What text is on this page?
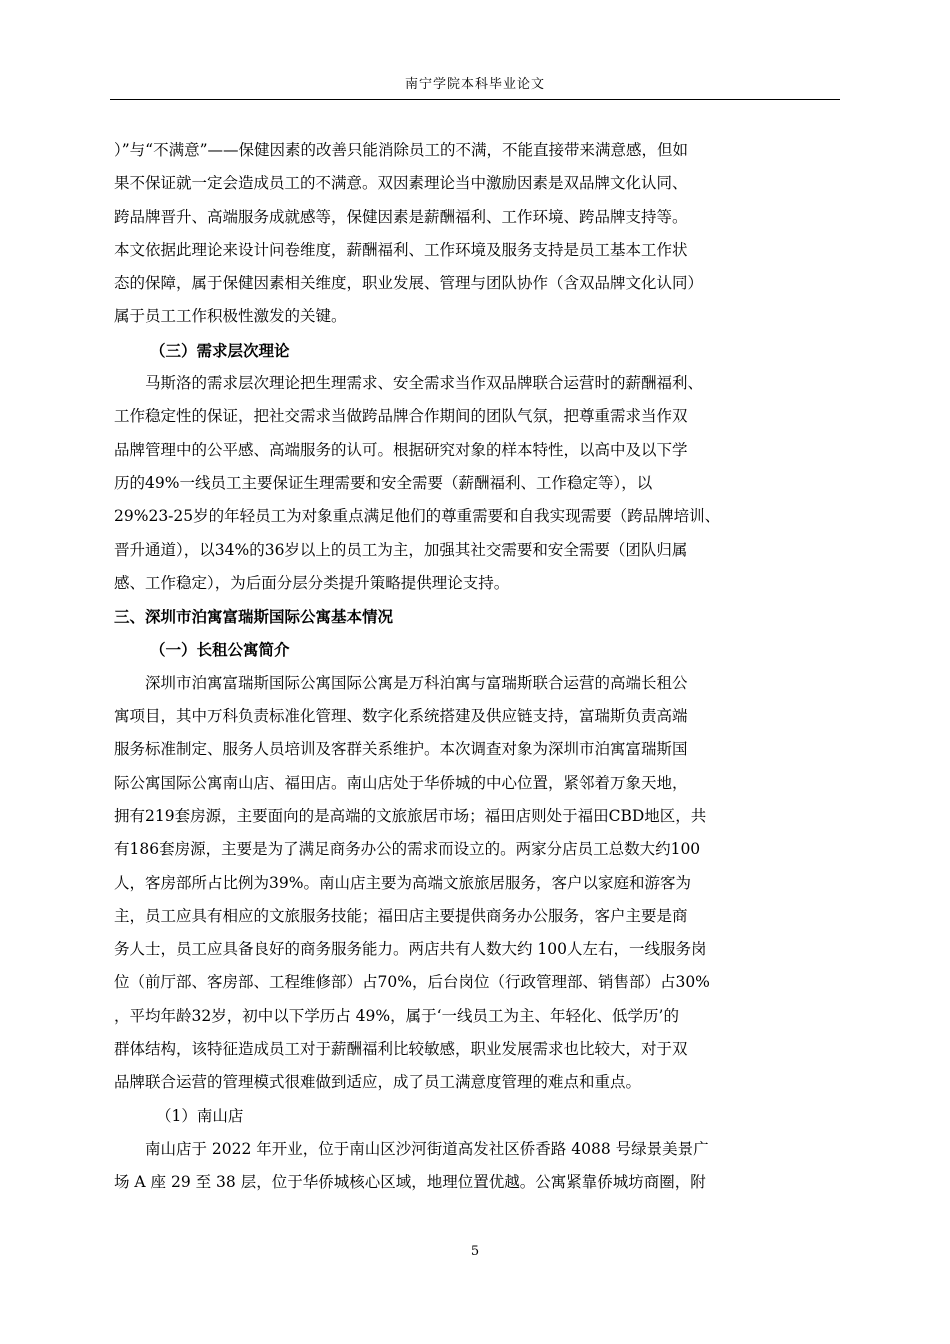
南宁学院本科毕业论文
）”与“不满意”——保健因素的改善只能消除员工的不满，不能直接带来满意感，但如
果不保证就一定会造成员工的不满意。双因素理论当中激励因素是双品牌文化认同、
跨品牌晋升、高端服务成就感等，保健因素是薪酬福利、工作环境、跨品牌支持等。
本文依据此理论来设计问卷维度，薪酬福利、工作环境及服务支持是员工基本工作状
态的保障，属于保健因素相关维度，职业发展、管理与团队协作（含双品牌文化认同）
属于员工工作积极性激发的关键。
（三）需求层次理论
马斯洛的需求层次理论把生理需求、安全需求当作双品牌联合运营时的薪酬福利、
工作稳定性的保证，把社交需求当做跨品牌合作期间的团队气氛，把尊重需求当作双
品牌管理中的公平感、高端服务的认可。根据研究对象的样本特性，以高中及以下学
历的49%一线员工主要保证生理需要和安全需要（薪酬福利、工作稳定等），以
29%23-25岁的年轻员工为对象重点满足他们的尊重需要和自我实现需要（跨品牌培训、
晋升通道），以34%的36岁以上的员工为主，加强其社交需要和安全需要（团队归属
感、工作稳定），为后面分层分类提升策略提供理论支持。
三、深圳市泊寓富瑞斯国际公寓基本情况
（一）长租公寓简介
深圳市泊寓富瑞斯国际公寓国际公寓是万科泊寓与富瑞斯联合运营的高端长租公
寓项目，其中万科负责标准化管理、数字化系统搭建及供应链支持，富瑞斯负责高端
服务标准制定、服务人员培训及客群关系维护。本次调查对象为深圳市泊寓富瑞斯国
际公寓国际公寓南山店、福田店。南山店处于华侨城的中心位置，紧邻着万象天地，
拥有219套房源，主要面向的是高端的文旅旅居市场；福田店则处于福田CBD地区，共
有186套房源，主要是为了满足商务办公的需求而设立的。两家分店员工总数大约100
人，客房部所占比例为39%。南山店主要为高端文旅旅居服务，客户以家庭和游客为
主，员工应具有相应的文旅服务技能；福田店主要提供商务办公服务，客户主要是商
务人士，员工应具备良好的商务服务能力。两店共有人数大约 100人左右，一线服务岗
位（前厅部、客房部、工程维修部）占70%，后台岗位（行政管理部、销售部）占30%
，平均年龄32岁，初中以下学历占 49%，属于‘一线员工为主、年轻化、低学历’的
群体结构，该特征造成员工对于薪酬福利比较敏感，职业发展需求也比较大，对于双
品牌联合运营的管理模式很难做到适应，成了员工满意度管理的难点和重点。
（1）南山店
南山店于 2022 年开业，位于南山区沙河街道高发社区侨香路 4088 号绿景美景广
场 A 座 29 至 38 层，位于华侨城核心区域，地理位置优越。公寓紧靠侨城坊商圈，附
5
